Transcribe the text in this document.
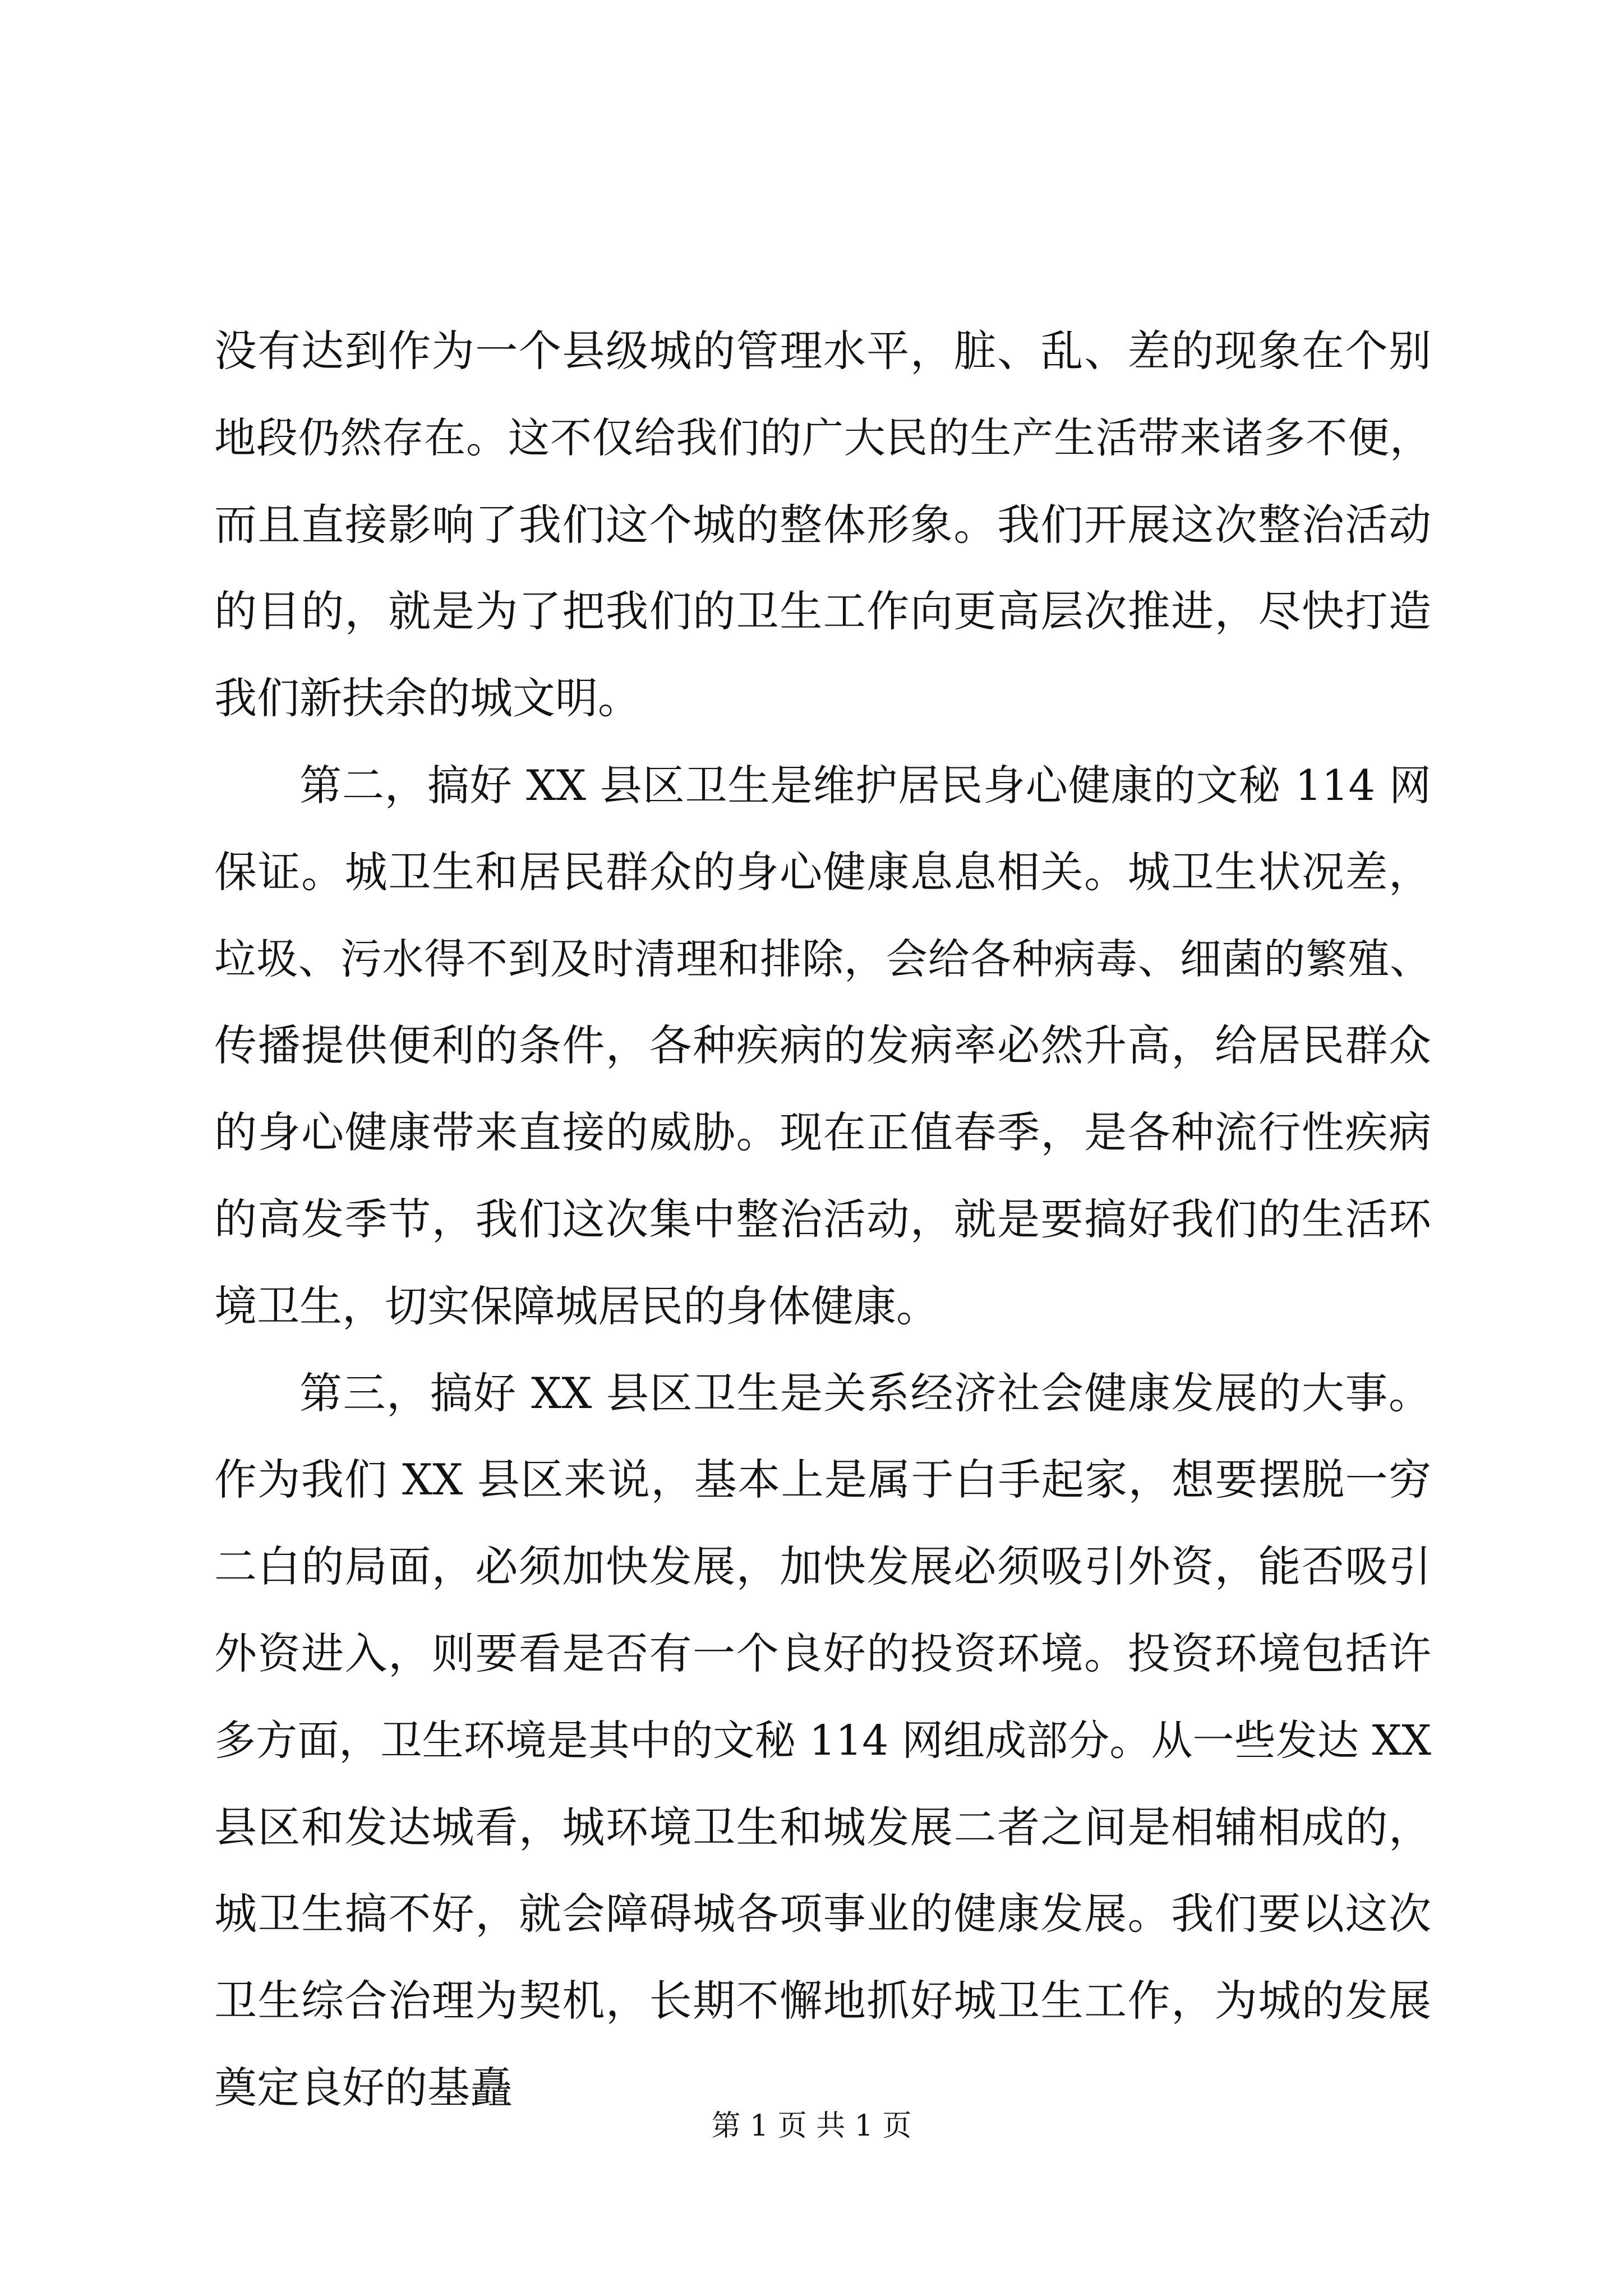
没有达到作为一个县级城的管理水平，脏、乱、差的现象在个别
地段仍然存在。这不仅给我们的广大民的生产生活带来诸多不便，
而且直接影响了我们这个城的整体形象。我们开展这次整治活动
的目的，就是为了把我们的卫生工作向更高层次推进，尽快打造
我们新扶余的城文明。
第二，搞好 XX 县区卫生是维护居民身心健康的文秘 114 网
保证。城卫生和居民群众的身心健康息息相关。城卫生状况差，
垃圾、污水得不到及时清理和排除，会给各种病毒、细菌的繁殖、
传播提供便利的条件，各种疾病的发病率必然升高，给居民群众
的身心健康带来直接的威胁。现在正值春季，是各种流行性疾病
的高发季节，我们这次集中整治活动，就是要搞好我们的生活环
境卫生，切实保障城居民的身体健康。
第三，搞好 XX 县区卫生是关系经济社会健康发展的大事。
作为我们 XX 县区来说，基本上是属于白手起家，想要摆脱一穷
二白的局面，必须加快发展，加快发展必须吸引外资，能否吸引
外资进入，则要看是否有一个良好的投资环境。投资环境包括许
多方面，卫生环境是其中的文秘 114 网组成部分。从一些发达 XX
县区和发达城看，城环境卫生和城发展二者之间是相辅相成的，
城卫生搞不好，就会障碍城各项事业的健康发展。我们要以这次
卫生综合治理为契机，长期不懈地抓好城卫生工作，为城的发展
奠定良好的基矗
第 1 页 共 1 页
